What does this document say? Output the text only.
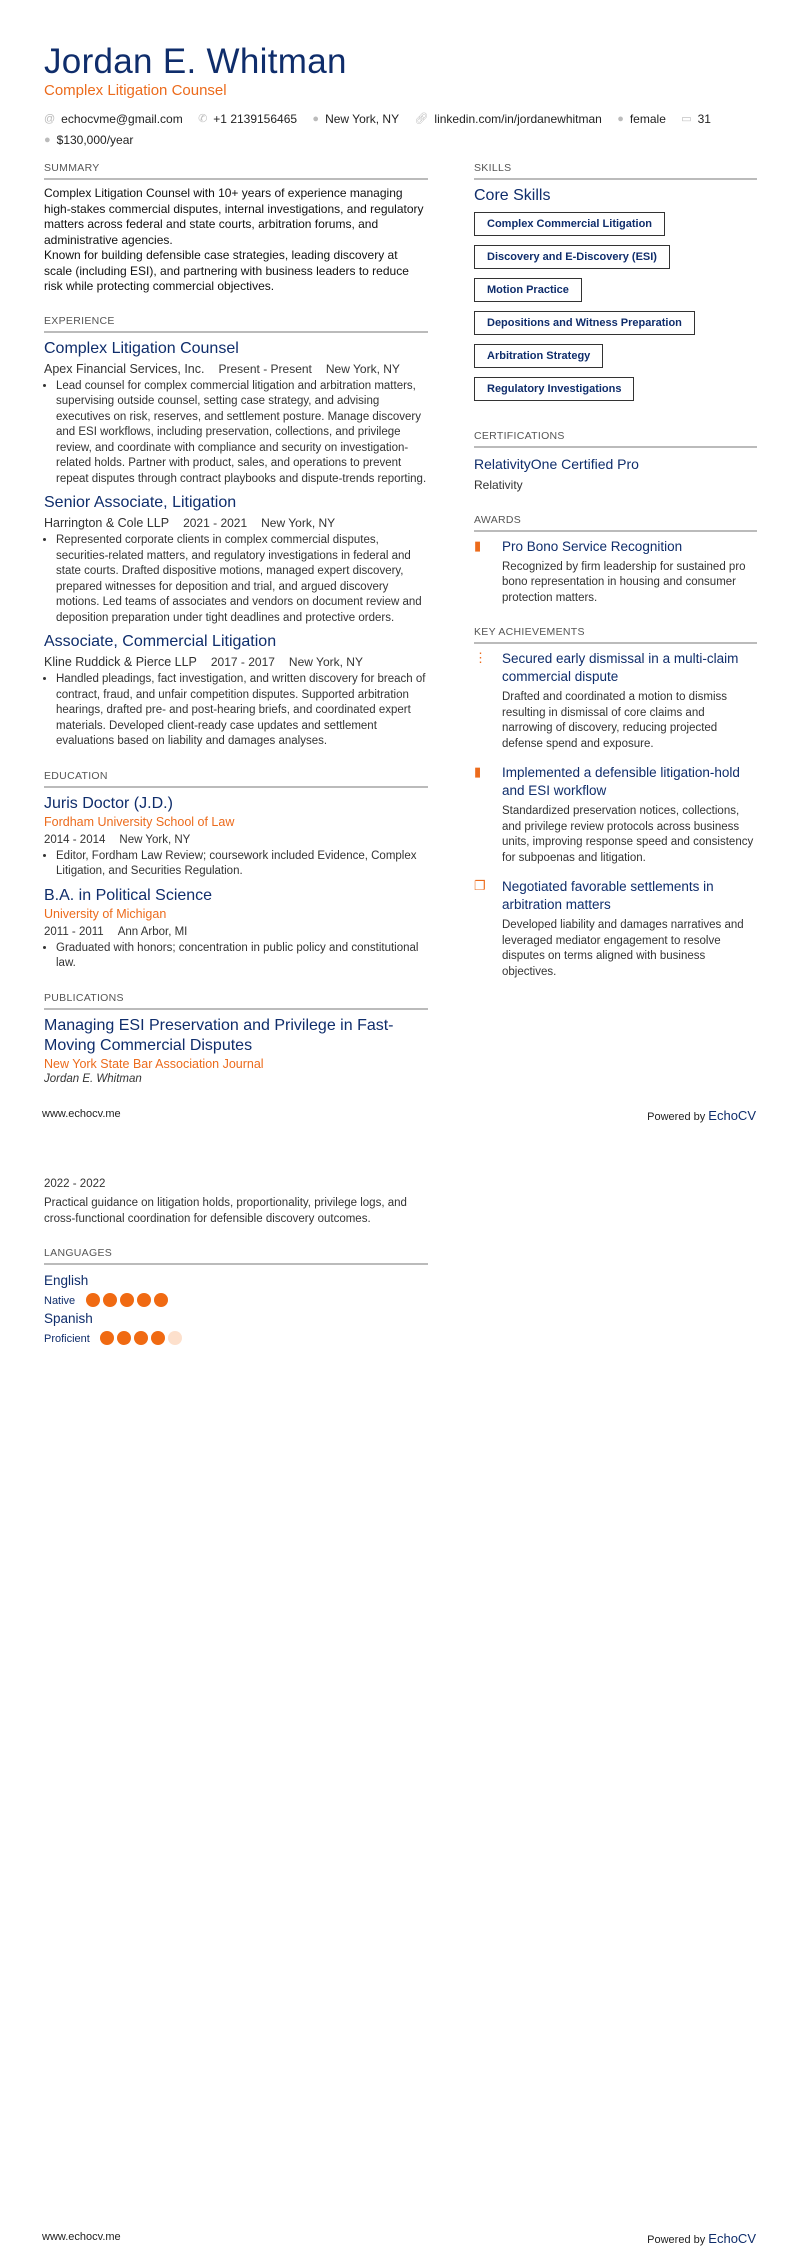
Jordan E. Whitman
Complex Litigation Counsel
@ echocvme@gmail.com
✆ +1 2139156465
● New York, NY
🔗︎ linkedin.com/in/jordanewhitman
● female
▭ 31

● $130,000/year
SUMMARY

Complex Litigation Counsel with 10+ years of experience managing high-stakes commercial disputes, internal investigations, and regulatory matters across federal and state courts, arbitration forums, and administrative agencies.

Known for building defensible case strategies, leading discovery at scale (including ESI), and partnering with business leaders to reduce risk while protecting commercial objectives.

EXPERIENCE
Complex Litigation Counsel
Apex Financial Services, Inc. Present - Present New York, NY
• Lead counsel for complex commercial litigation and arbitration matters, supervising outside counsel, setting case strategy, and advising executives on risk, reserves, and settlement posture. Manage discovery and ESI workflows, including preservation, collections, and privilege review, and coordinate with compliance and security on investigation-related holds. Partner with product, sales, and operations to prevent repeat disputes through contract playbooks and dispute-trends reporting.
Senior Associate, Litigation
Harrington & Cole LLP 2021 - 2021 New York, NY
• Represented corporate clients in complex commercial disputes, securities-related matters, and regulatory investigations in federal and state courts. Drafted dispositive motions, managed expert discovery, prepared witnesses for deposition and trial, and argued discovery motions. Led teams of associates and vendors on document review and deposition preparation under tight deadlines and protective orders.
Associate, Commercial Litigation
Kline Ruddick & Pierce LLP 2017 - 2017 New York, NY
• Handled pleadings, fact investigation, and written discovery for breach of contract, fraud, and unfair competition disputes. Supported arbitration hearings, drafted pre- and post-hearing briefs, and coordinated expert materials. Developed client-ready case updates and settlement evaluations based on liability and damages analyses.
EDUCATION
Juris Doctor (J.D.)
Fordham University School of Law
2014 - 2014 New York, NY
• Editor, Fordham Law Review; coursework included Evidence, Complex Litigation, and Securities Regulation.
B.A. in Political Science
University of Michigan
2011 - 2011 Ann Arbor, MI
• Graduated with honors; concentration in public policy and constitutional law.
PUBLICATIONS
Managing ESI Preservation and Privilege in Fast-Moving Commercial Disputes
New York State Bar Association Journal
Jordan E. Whitman
SKILLS
Core Skills
Complex Commercial Litigation
Discovery and E-Discovery (ESI)
Motion Practice
Depositions and Witness Preparation
Arbitration Strategy
Regulatory Investigations
CERTIFICATIONS
RelativityOne Certified Pro
Relativity
AWARDS
▮	Pro Bono Service Recognition

Recognized by firm leadership for sustained pro bono representation in housing and consumer protection matters.

KEY ACHIEVEMENTS
⋮	Secured early dismissal in a multi-claim commercial dispute

Drafted and coordinated a motion to dismiss resulting in dismissal of core claims and narrowing of discovery, reducing projected defense spend and exposure.

▮	Implemented a defensible litigation-hold and ESI workflow

Standardized preservation notices, collections, and privilege review protocols across business units, improving response speed and consistency for subpoenas and litigation.

❐	Negotiated favorable settlements in arbitration matters

Developed liability and damages narratives and leveraged mediator engagement to resolve disputes on terms aligned with business objectives.

www.echocv.me	Powered by EchoCV
2022 - 2022

Practical guidance on litigation holds, proportionality, privilege logs, and cross-functional coordination for defensible discovery outcomes.

LANGUAGES
English
Native

Spanish
Proficient
www.echocv.me	Powered by EchoCV
